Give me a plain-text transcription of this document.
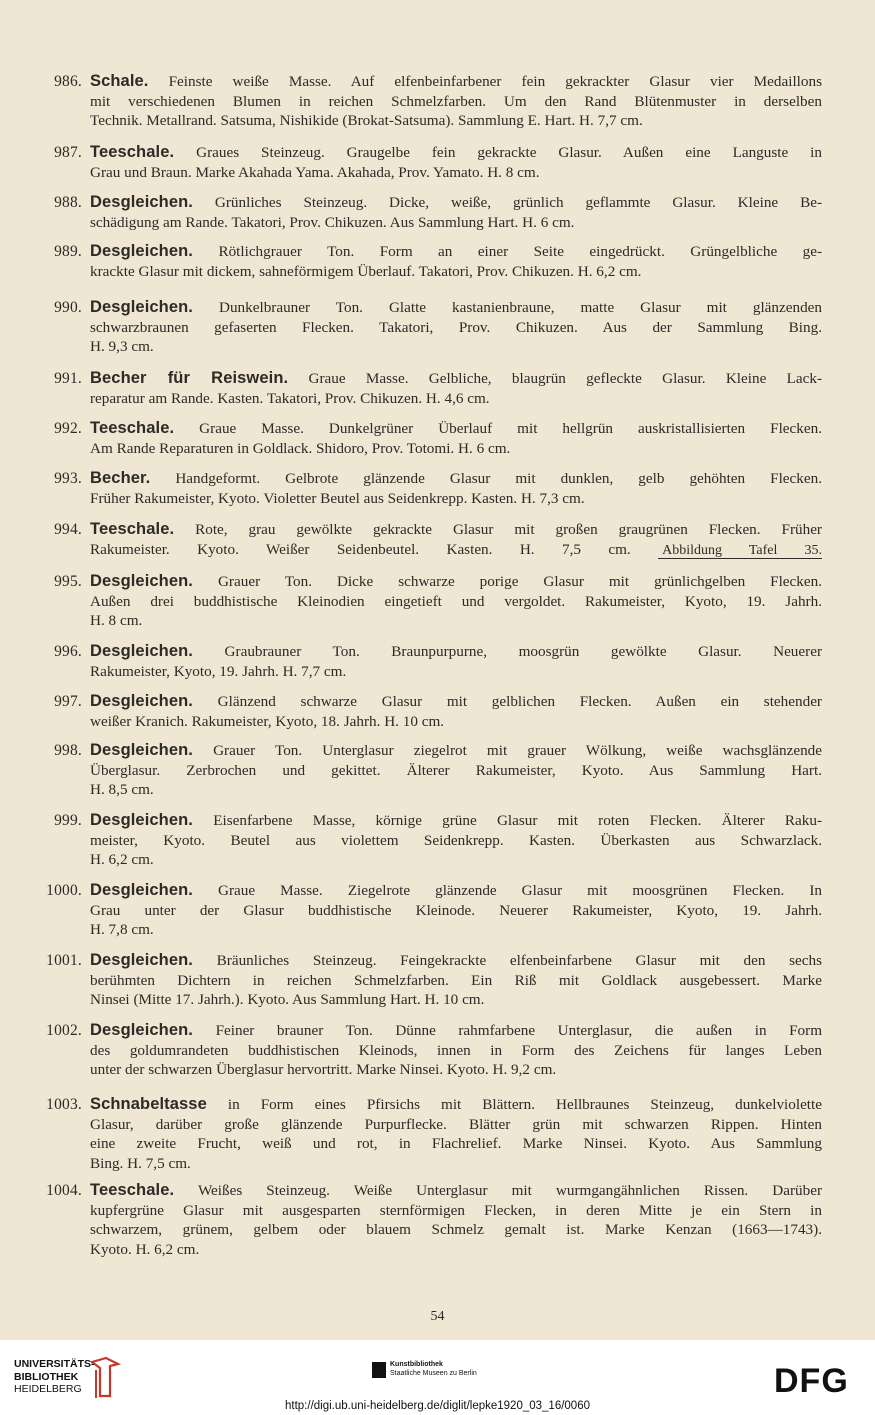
986. Schale. Feinste weiße Masse. Auf elfenbeinfarbener fein gekrackter Glasur vier Medaillons
mit verschiedenen Blumen in reichen Schmelzfarben. Um den Rand Blütenmuster in derselben
Technik. Metallrand. Satsuma, Nishikide (Brokat-Satsuma). Sammlung E. Hart. H. 7,7 cm.
987. Teeschale. Graues Steinzeug. Graugelbe fein gekrackte Glasur. Außen eine Languste in
Grau und Braun. Marke Akahada Yama. Akahada, Prov. Yamato. H. 8 cm.
988. Desgleichen. Grünliches Steinzeug. Dicke, weiße, grünlich geflammte Glasur. Kleine Be-
schädigung am Rande. Takatori, Prov. Chikuzen. Aus Sammlung Hart. H. 6 cm.
989. Desgleichen. Rötlichgrauer Ton. Form an einer Seite eingedrückt. Grüngelbliche ge-
krackte Glasur mit dickem, sahneförmigem Überlauf. Takatori, Prov. Chikuzen. H. 6,2 cm.
990. Desgleichen. Dunkelbrauner Ton. Glatte kastanienbraune, matte Glasur mit glänzenden
schwarzbraunen gefaserten Flecken. Takatori, Prov. Chikuzen. Aus der Sammlung Bing.
H. 9,3 cm.
991. Becher für Reiswein. Graue Masse. Gelbliche, blaugrün gefleckte Glasur. Kleine Lack-
reparatur am Rande. Kasten. Takatori, Prov. Chikuzen. H. 4,6 cm.
992. Teeschale. Graue Masse. Dunkelgrüner Überlauf mit hellgrün auskristallisierten Flecken.
Am Rande Reparaturen in Goldlack. Shidoro, Prov. Totomi. H. 6 cm.
993. Becher. Handgeformt. Gelbrote glänzende Glasur mit dunklen, gelb gehöhten Flecken.
Früher Rakumeister, Kyoto. Violetter Beutel aus Seidenkrepp. Kasten. H. 7,3 cm.
994. Teeschale. Rote, grau gewölkte gekrackte Glasur mit großen graugrünen Flecken. Früher
Rakumeister. Kyoto. Weißer Seidenbeutel. Kasten. H. 7,5 cm. Abbildung Tafel 35.
995. Desgleichen. Grauer Ton. Dicke schwarze porige Glasur mit grünlichgelben Flecken.
Außen drei buddhistische Kleinodien eingetieft und vergoldet. Rakumeister, Kyoto, 19. Jahrh.
H. 8 cm.
996. Desgleichen. Graubrauner Ton. Braunpurpurne, moosgrün gewölkte Glasur. Neuerer
Rakumeister, Kyoto, 19. Jahrh. H. 7,7 cm.
997. Desgleichen. Glänzend schwarze Glasur mit gelblichen Flecken. Außen ein stehender
weißer Kranich. Rakumeister, Kyoto, 18. Jahrh. H. 10 cm.
998. Desgleichen. Grauer Ton. Unterglasur ziegelrot mit grauer Wölkung, weiße wachsglänzende
Überglasur. Zerbrochen und gekittet. Älterer Rakumeister, Kyoto. Aus Sammlung Hart.
H. 8,5 cm.
999. Desgleichen. Eisenfarbene Masse, körnige grüne Glasur mit roten Flecken. Älterer Raku-
meister, Kyoto. Beutel aus violettem Seidenkrepp. Kasten. Überkasten aus Schwarzlack.
H. 6,2 cm.
1000. Desgleichen. Graue Masse. Ziegelrote glänzende Glasur mit moosgrünen Flecken. In
Grau unter der Glasur buddhistische Kleinode. Neuerer Rakumeister, Kyoto, 19. Jahrh.
H. 7,8 cm.
1001. Desgleichen. Bräunliches Steinzeug. Feingekrackte elfenbeinfarbene Glasur mit den sechs
berühmten Dichtern in reichen Schmelzfarben. Ein Riß mit Goldlack ausgebessert. Marke
Ninsei (Mitte 17. Jahrh.). Kyoto. Aus Sammlung Hart. H. 10 cm.
1002. Desgleichen. Feiner brauner Ton. Dünne rahmfarbene Unterglasur, die außen in Form
des goldumrandeten buddhistischen Kleinods, innen in Form des Zeichens für langes Leben
unter der schwarzen Überglasur hervortritt. Marke Ninsei. Kyoto. H. 9,2 cm.
1003. Schnabeltasse in Form eines Pfirsichs mit Blättern. Hellbraunes Steinzeug, dunkelviolette
Glasur, darüber große glänzende Purpurflecke. Blätter grün mit schwarzen Rippen. Hinten
eine zweite Frucht, weiß und rot, in Flachrelief. Marke Ninsei. Kyoto. Aus Sammlung
Bing. H. 7,5 cm.
1004. Teeschale. Weißes Steinzeug. Weiße Unterglasur mit wurmgangähnlichen Rissen. Darüber
kupfergrüne Glasur mit ausgesparten sternförmigen Flecken, in deren Mitte je ein Stern in
schwarzem, grünem, gelbem oder blauem Schmelz gemalt ist. Marke Kenzan (1663—1743).
Kyoto. H. 6,2 cm.
54
UNIVERSITÄTS-
BIBLIOTHEK
HEIDELBERG
Kunstbibliothek
Staatliche Museen zu Berlin	DFG
http://digi.ub.uni-heidelberg.de/diglit/lepke1920_03_16/0060
